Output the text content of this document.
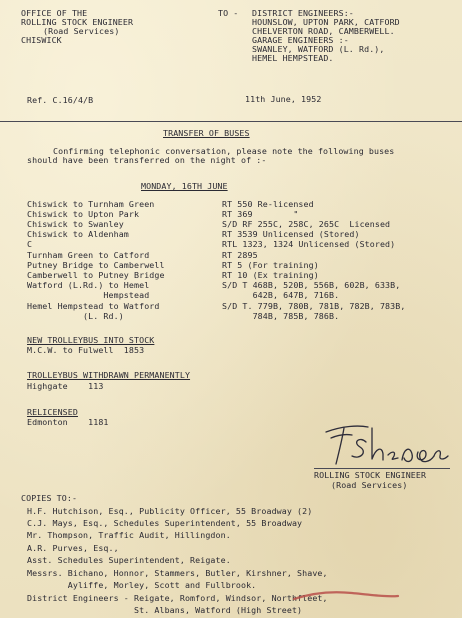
OFFICE OF THE
ROLLING STOCK ENGINEER
(Road Services)
CHISWICK
TO - DISTRICT ENGINEERS:-
HOUNSLOW, UPTON PARK, CATFORD
CHELVERTON ROAD, CAMBERWELL.
GARAGE ENGINEERS :-
SWANLEY, WATFORD (L. Rd.),
HEMEL HEMPSTEAD.
Ref. C.16/4/B	11th June, 1952
TRANSFER OF BUSES
Confirming telephonic conversation, please note the following buses
should have been transferred on the night of :-
MONDAY, 16TH JUNE
Chiswick to Turnham Green	RT 550 Re-licensed
Chiswick to Upton Park	RT 369        "
Chiswick to Swanley	S/D RF 255C, 258C, 265C  Licensed
Chiswick to Aldenham	RT 3539 Unlicensed (Stored)
C	RTL 1323, 1324 Unlicensed (Stored)
Turnham Green to Catford	RT 2895
Putney Bridge to Camberwell	RT 5 (For training)
Camberwell to Putney Bridge	RT 10 (Ex training)
Watford (L.Rd.) to Hemel	S/D T 468B, 520B, 556B, 602B, 633B,
Hempstead	642B, 647B, 716B.
Hemel Hempstead to Watford	S/D T. 779B, 780B, 781B, 782B, 783B,
(L. Rd.)	784B, 785B, 786B.
NEW TROLLEYBUS INTO STOCK
M.C.W. to Fulwell  1853
TROLLEYBUS WITHDRAWN PERMANENTLY
Highgate    113
RELICENSED
Edmonton    1181
ROLLING STOCK ENGINEER
(Road Services)
COPIES TO:-
H.F. Hutchison, Esq., Publicity Officer, 55 Broadway (2)
C.J. Mays, Esq., Schedules Superintendent, 55 Broadway
Mr. Thompson, Traffic Audit, Hillingdon.
A.R. Purves, Esq.,
Asst. Schedules Superintendent, Reigate.
Messrs. Bichano, Honnor, Stammers, Butler, Kirshner, Shave,
Ayliffe, Morley, Scott and Fullbrook.
District Engineers - Reigate, Romford, Windsor, Northfleet,
St. Albans, Watford (High Street)
